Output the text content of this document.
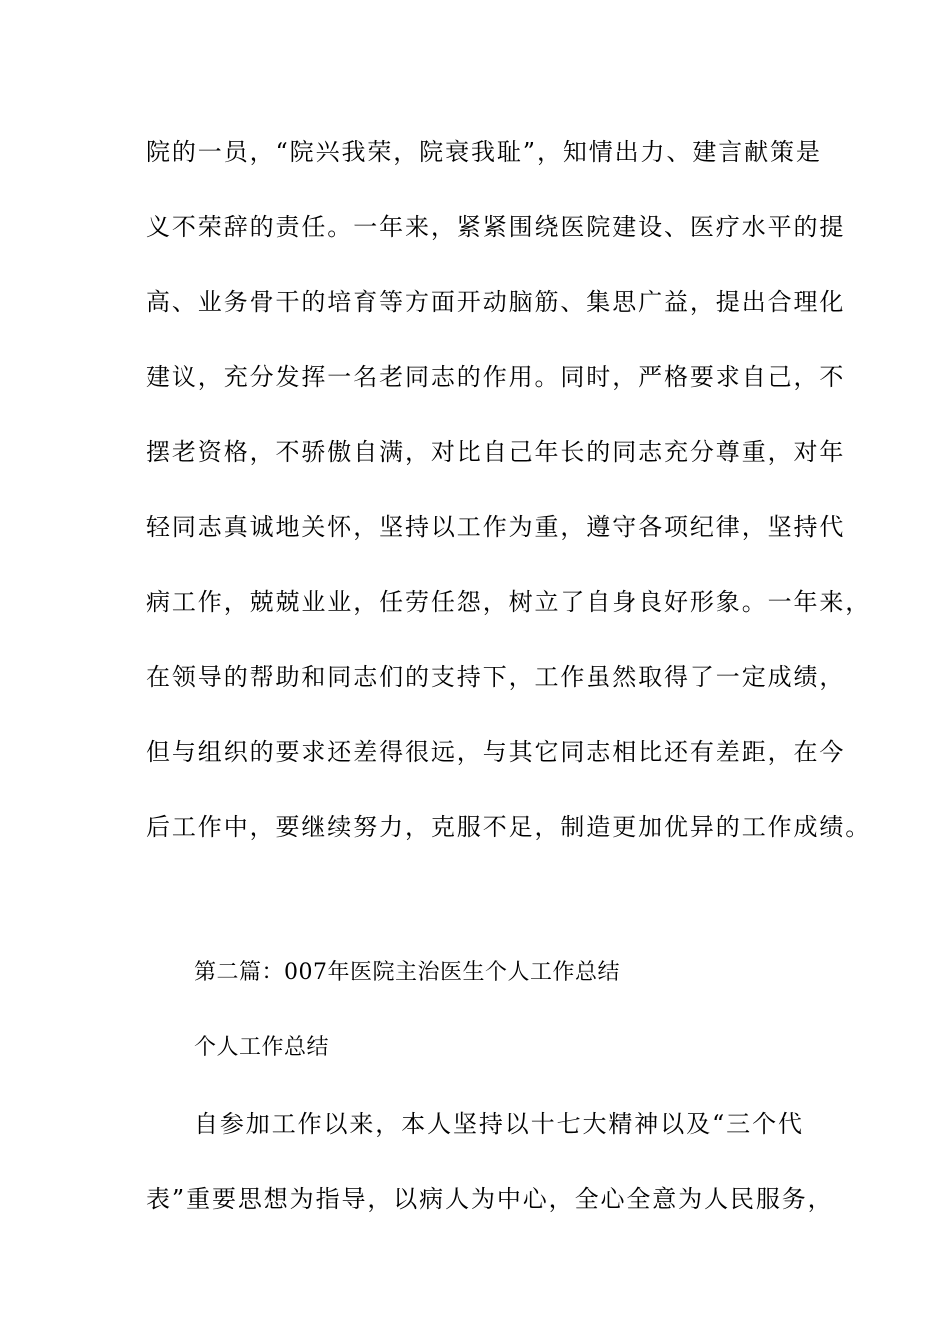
院的一员，“院兴我荣，院衰我耻”，知情出力、建言献策是
义不荣辞的责任。一年来，紧紧围绕医院建设、医疗水平的提
高、业务骨干的培育等方面开动脑筋、集思广益，提出合理化
建议，充分发挥一名老同志的作用。同时，严格要求自己，不
摆老资格，不骄傲自满，对比自己年长的同志充分尊重，对年
轻同志真诚地关怀，坚持以工作为重，遵守各项纪律，坚持代
病工作，兢兢业业，任劳任怨，树立了自身良好形象。一年来，
在领导的帮助和同志们的支持下，工作虽然取得了一定成绩，
但与组织的要求还差得很远，与其它同志相比还有差距，在今
后工作中，要继续努力，克服不足，制造更加优异的工作成绩。
第二篇：007年医院主治医生个人工作总结
个人工作总结
自参加工作以来，本人坚持以十七大精神以及“三个代
表”重要思想为指导，以病人为中心，全心全意为人民服务，
